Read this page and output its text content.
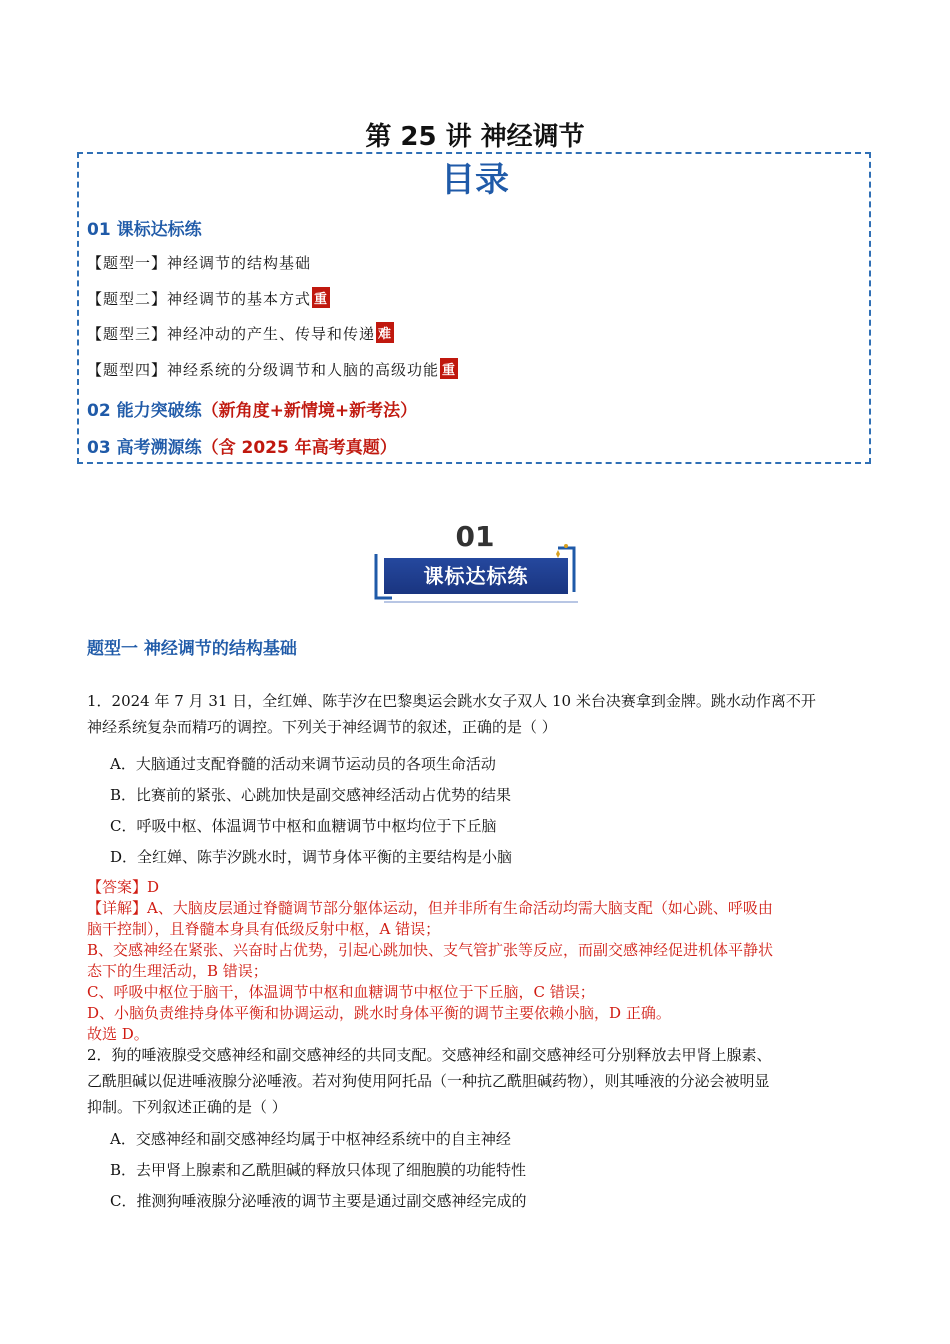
第 25 讲 神经调节
目录
01 课标达标练
【题型一】神经调节的结构基础
【题型二】神经调节的基本方式 重
【题型三】神经冲动的产生、传导和传递 难
【题型四】神经系统的分级调节和人脑的高级功能 重
02 能力突破练（新角度+新情境+新考法）
03 高考溯源练（含 2025 年高考真题）
01
课标达标练
题型一 神经调节的结构基础
1．2024 年 7 月 31 日，全红婵、陈芋汐在巴黎奥运会跳水女子双人 10 米台决赛拿到金牌。跳水动作离不开
神经系统复杂而精巧的调控。下列关于神经调节的叙述，正确的是（ ）
A．大脑通过支配脊髓的活动来调节运动员的各项生命活动
B．比赛前的紧张、心跳加快是副交感神经活动占优势的结果
C．呼吸中枢、体温调节中枢和血糖调节中枢均位于下丘脑
D．全红婵、陈芋汐跳水时，调节身体平衡的主要结构是小脑
【答案】D
【详解】A、大脑皮层通过脊髓调节部分躯体运动，但并非所有生命活动均需大脑支配（如心跳、呼吸由
脑干控制），且脊髓本身具有低级反射中枢，A 错误；
B、交感神经在紧张、兴奋时占优势，引起心跳加快、支气管扩张等反应，而副交感神经促进机体平静状
态下的生理活动，B 错误；
C、呼吸中枢位于脑干，体温调节中枢和血糖调节中枢位于下丘脑，C 错误；
D、小脑负责维持身体平衡和协调运动，跳水时身体平衡的调节主要依赖小脑，D 正确。
故选 D。
2．狗的唾液腺受交感神经和副交感神经的共同支配。交感神经和副交感神经可分别释放去甲肾上腺素、
乙酰胆碱以促进唾液腺分泌唾液。若对狗使用阿托品（一种抗乙酰胆碱药物），则其唾液的分泌会被明显
抑制。下列叙述正确的是（ ）
A．交感神经和副交感神经均属于中枢神经系统中的自主神经
B．去甲肾上腺素和乙酰胆碱的释放只体现了细胞膜的功能特性
C．推测狗唾液腺分泌唾液的调节主要是通过副交感神经完成的
